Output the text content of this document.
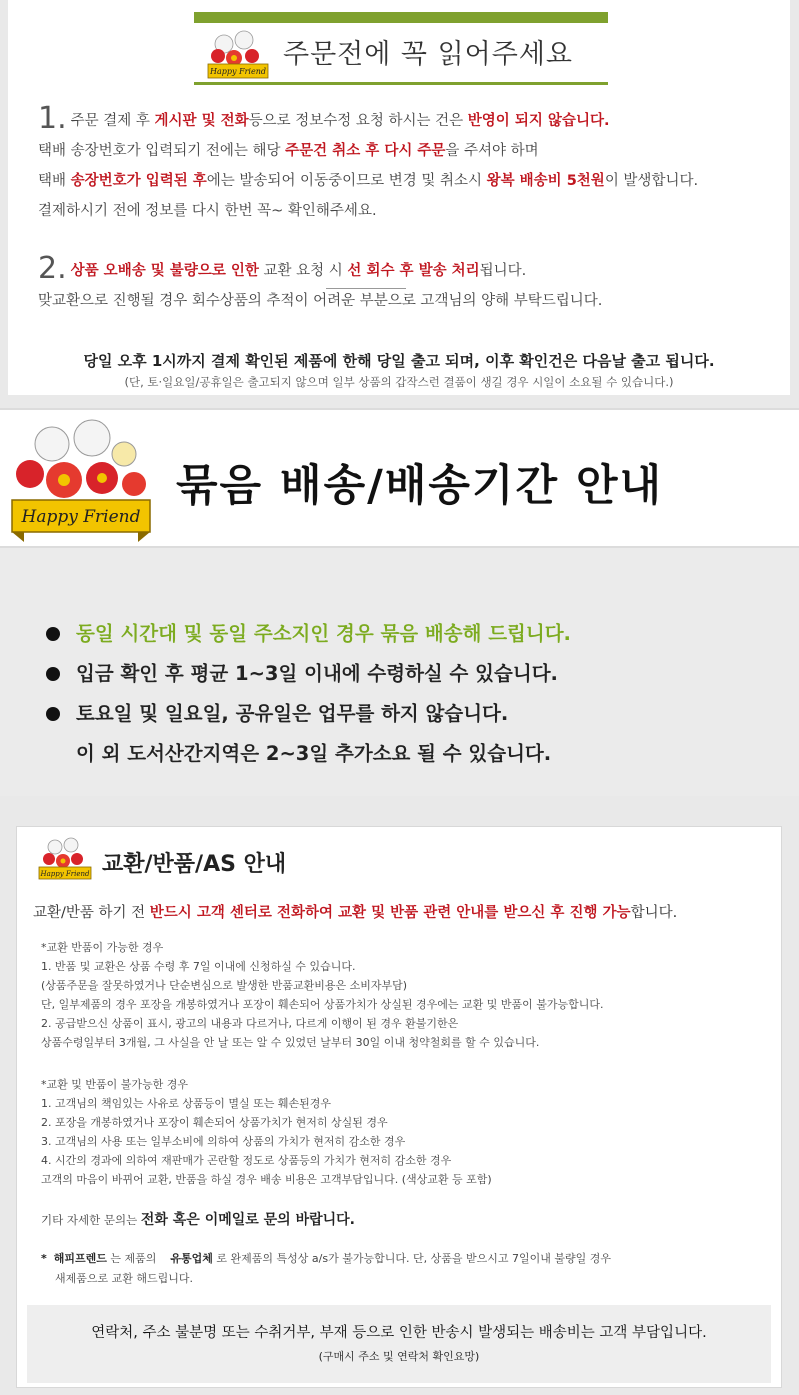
Happy Friend
주문전에 꼭 읽어주세요
1. 주문 결제 후 게시판 및 전화등으로 정보수정 요청 하시는 건은 반영이 되지 않습니다.
택배 송장번호가 입력되기 전에는 해당 주문건 취소 후 다시 주문을 주셔야 하며
택배 송장번호가 입력된 후에는 발송되어 이동중이므로 변경 및 취소시 왕복 배송비 5천원이 발생합니다.
결제하시기 전에 정보를 다시 한번 꼭~ 확인해주세요.
2. 상품 오배송 및 불량으로 인한 교환 요청 시 선 회수 후 발송 처리됩니다.
맞교환으로 진행될 경우 회수상품의 추적이 어려운 부분으로 고객님의 양해 부탁드립니다.
당일 오후 1시까지 결제 확인된 제품에 한해 당일 출고 되며, 이후 확인건은 다음날 출고 됩니다.
(단, 토·일요일/공휴일은 출고되지 않으며 일부 상품의 갑작스런 결품이 생길 경우 시일이 소요될 수 있습니다.)
Happy Friend
묶음 배송/배송기간 안내
동일 시간대 및 동일 주소지인 경우 묶음 배송해 드립니다.
입금 확인 후 평균 1~3일 이내에 수령하실 수 있습니다.
토요일 및 일요일, 공유일은 업무를 하지 않습니다.
이 외 도서산간지역은 2~3일 추가소요 될 수 있습니다.
Happy Friend 교환/반품/AS 안내
교환/반품 하기 전 반드시 고객 센터로 전화하여 교환 및 반품 관련 안내를 받으신 후 진행 가능합니다.
*교환 반품이 가능한 경우
1. 반품 및 교환은 상품 수령 후 7일 이내에 신청하실 수 있습니다.
(상품주문을 잘못하였거나 단순변심으로 발생한 반품교환비용은 소비자부담)
단, 일부제품의 경우 포장을 개봉하였거나 포장이 훼손되어 상품가치가 상실된 경우에는 교환 및 반품이 불가능합니다.
2. 공급받으신 상품이 표시, 광고의 내용과 다르거나, 다르게 이행이 된 경우 환불기한은
상품수령일부터 3개월, 그 사실을 안 날 또는 알 수 있었던 날부터 30일 이내 청약철회를 할 수 있습니다.
*교환 및 반품이 불가능한 경우
1. 고객님의 책임있는 사유로 상품등이 멸실 또는 훼손된경우
2. 포장을 개봉하였거나 포장이 훼손되어 상품가치가 현저히 상실된 경우
3. 고객님의 사용 또는 일부소비에 의하여 상품의 가치가 현저히 감소한 경우
4. 시간의 경과에 의하여 재판매가 곤란할 정도로 상품등의 가치가 현저히 감소한 경우
고객의 마음이 바뀌어 교환, 반품을 하실 경우 배송 비용은 고객부담입니다. (색상교환 등 포함)
기타 자세한 문의는 전화 혹은 이메일로 문의 바랍니다.
* 해피프렌드 는 제품의    유통업체 로 완제품의 특성상 a/s가 불가능합니다. 단, 상품을 받으시고 7일이내 불량일 경우
새제품으로 교환 해드립니다.
연락처, 주소 불분명 또는 수취거부, 부재 등으로 인한 반송시 발생되는 배송비는 고객 부담입니다.
(구매시 주소 및 연락처 확인요망)
